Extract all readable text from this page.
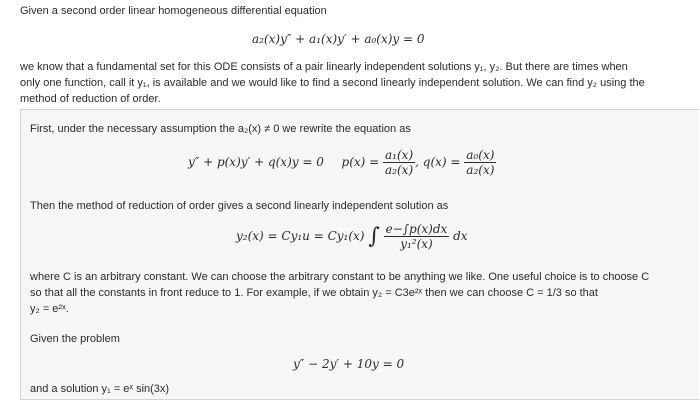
Given a second order linear homogeneous differential equation
a₂(x)y″ + a₁(x)y′ + a₀(x)y = 0
we know that a fundamental set for this ODE consists of a pair linearly independent solutions y₁, y₂. But there are times when
only one function, call it y₁, is available and we would like to find a second linearly independent solution. We can find y₂ using the
method of reduction of order.
First, under the necessary assumption the a₂(x) ≠ 0 we rewrite the equation as
y″ + p(x)y′ + q(x)y = 0 $p(x) = \frac{\text{a₁(x)}}{\text{a₂(x)}}$ , $q(x) = \frac{\text{a₀(x)}}{\text{a₂(x)}}$
Then the method of reduction of order gives a second linearly independent solution as
y₂(x) = Cy₁u = Cy₁(x) ∫ $\frac{e-\int p(x)dx}{\text{y₁²(x)}}$ dx
where C is an arbitrary constant. We can choose the arbitrary constant to be anything we like. One useful choice is to choose C
so that all the constants in front reduce to 1. For example, if we obtain y₂ = C3e²ˣ then we can choose C = 1/3 so that
y₂ = e²ˣ.
Given the problem
y″ − 2y′ + 10y = 0
and a solution y₁ = eˣ sin(3x)
